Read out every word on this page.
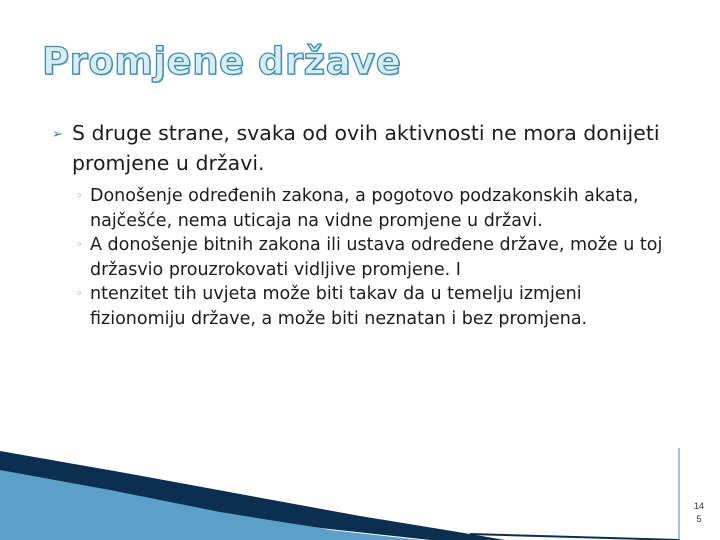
Promjene države
➢ S druge strane, svaka od ovih aktivnosti ne mora donijeti promjene u državi.
◦ Donošenje određenih zakona, a pogotovo podzakonskih akata, najčešće, nema uticaja na vidne promjene u državi.
◦ A donošenje bitnih zakona ili ustava određene države, može u toj držasvio prouzrokovati vidljive promjene. I
◦ ntenzitet tih uvjeta može biti takav da u temelju izmjeni fizionomiju države, a može biti neznatan i bez promjena.
14
5
